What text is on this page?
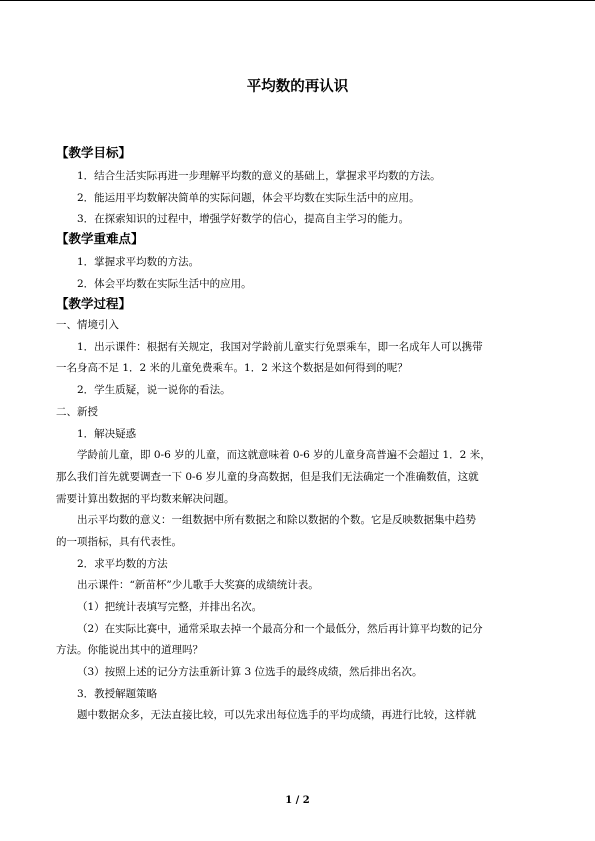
平均数的再认识
【教学目标】
1．结合生活实际再进一步理解平均数的意义的基础上，掌握求平均数的方法。
2．能运用平均数解决简单的实际问题，体会平均数在实际生活中的应用。
3．在探索知识的过程中，增强学好数学的信心，提高自主学习的能力。
【教学重难点】
1．掌握求平均数的方法。
2．体会平均数在实际生活中的应用。
【教学过程】
一、情境引入
1．出示课件：根据有关规定，我国对学龄前儿童实行免票乘车，即一名成年人可以携带
一名身高不足 1．2 米的儿童免费乘车。1．2 米这个数据是如何得到的呢？
2．学生质疑，说一说你的看法。
二、新授
1．解决疑惑
学龄前儿童，即 0-6 岁的儿童，而这就意味着 0-6 岁的儿童身高普遍不会超过 1．2 米，
那么我们首先就要调查一下 0-6 岁儿童的身高数据，但是我们无法确定一个准确数值，这就
需要计算出数据的平均数来解决问题。
出示平均数的意义：一组数据中所有数据之和除以数据的个数。它是反映数据集中趋势
的一项指标，具有代表性。
2．求平均数的方法
出示课件：“新苗杯”少儿歌手大奖赛的成绩统计表。
（1）把统计表填写完整，并排出名次。
（2）在实际比赛中，通常采取去掉一个最高分和一个最低分，然后再计算平均数的记分
方法。你能说出其中的道理吗？
（3）按照上述的记分方法重新计算 3 位选手的最终成绩，然后排出名次。
3．教授解题策略
题中数据众多，无法直接比较，可以先求出每位选手的平均成绩，再进行比较，这样就
1 / 2
